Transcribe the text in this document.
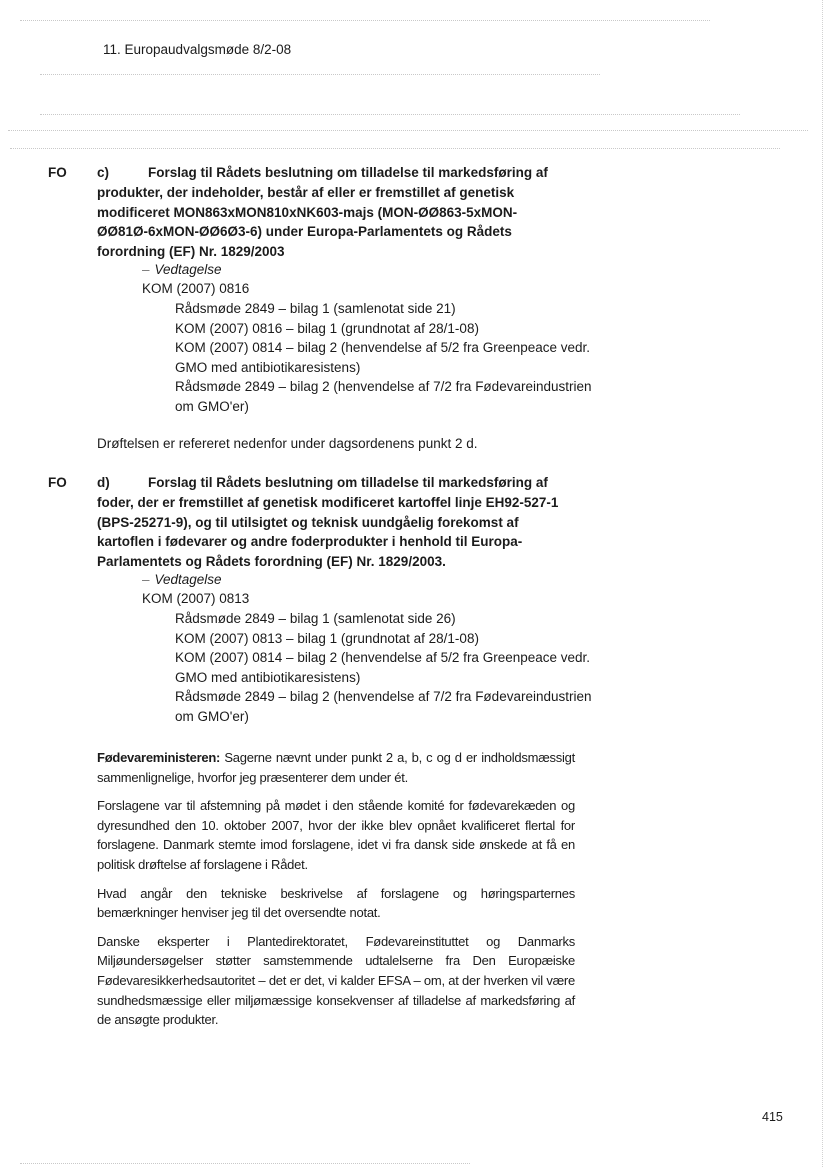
11. Europaudvalgsmøde 8/2-08
FO c)	Forslag til Rådets beslutning om tilladelse til markedsføring af produkter, der indeholder, består af eller er fremstillet af genetisk modificeret MON863xMON810xNK603-majs (MON-ØØ863-5xMON-ØØ81Ø-6xMON-ØØ6Ø3-6) under Europa-Parlamentets og Rådets forordning (EF) Nr. 1829/2003
– Vedtagelse
KOM (2007) 0816
Rådsmøde 2849 – bilag 1 (samlenotat side 21)
KOM (2007) 0816 – bilag 1 (grundnotat af 28/1-08)
KOM (2007) 0814 – bilag 2 (henvendelse af 5/2 fra Greenpeace vedr. GMO med antibiotikaresistens)
Rådsmøde 2849 – bilag 2 (henvendelse af 7/2 fra Fødevareindustrien om GMO'er)
Drøftelsen er refereret nedenfor under dagsordenens punkt 2 d.
FO d)	Forslag til Rådets beslutning om tilladelse til markedsføring af foder, der er fremstillet af genetisk modificeret kartoffel linje EH92-527-1 (BPS-25271-9), og til utilsigtet og teknisk uundgåelig forekomst af kartoflen i fødevarer og andre foderprodukter i henhold til Europa-Parlamentets og Rådets forordning (EF) Nr. 1829/2003.
– Vedtagelse
KOM (2007) 0813
Rådsmøde 2849 – bilag 1 (samlenotat side 26)
KOM (2007) 0813 – bilag 1 (grundnotat af 28/1-08)
KOM (2007) 0814 – bilag 2 (henvendelse af 5/2 fra Greenpeace vedr. GMO med antibiotikaresistens)
Rådsmøde 2849 – bilag 2 (henvendelse af 7/2 fra Fødevareindustrien om GMO'er)

Fødevareministeren: Sagerne nævnt under punkt 2 a, b, c og d er indholdsmæssigt sammenlignelige, hvorfor jeg præsenterer dem under ét.

Forslagene var til afstemning på mødet i den stående komité for fødevarekæden og dyresundhed den 10. oktober 2007, hvor der ikke blev opnået kvalificeret flertal for forslagene. Danmark stemte imod forslagene, idet vi fra dansk side ønskede at få en politisk drøftelse af forslagene i Rådet.

Hvad angår den tekniske beskrivelse af forslagene og høringsparternes bemærkninger henviser jeg til det oversendte notat.

Danske eksperter i Plantedirektoratet, Fødevareinstituttet og Danmarks Miljøundersøgelser støtter samstemmende udtalelserne fra Den Europæiske Fødevaresikkerhedsautoritet – det er det, vi kalder EFSA – om, at der hverken vil være sundhedsmæssige eller miljømæssige konsekvenser af tilladelse af markedsføring af de ansøgte produkter.

415
